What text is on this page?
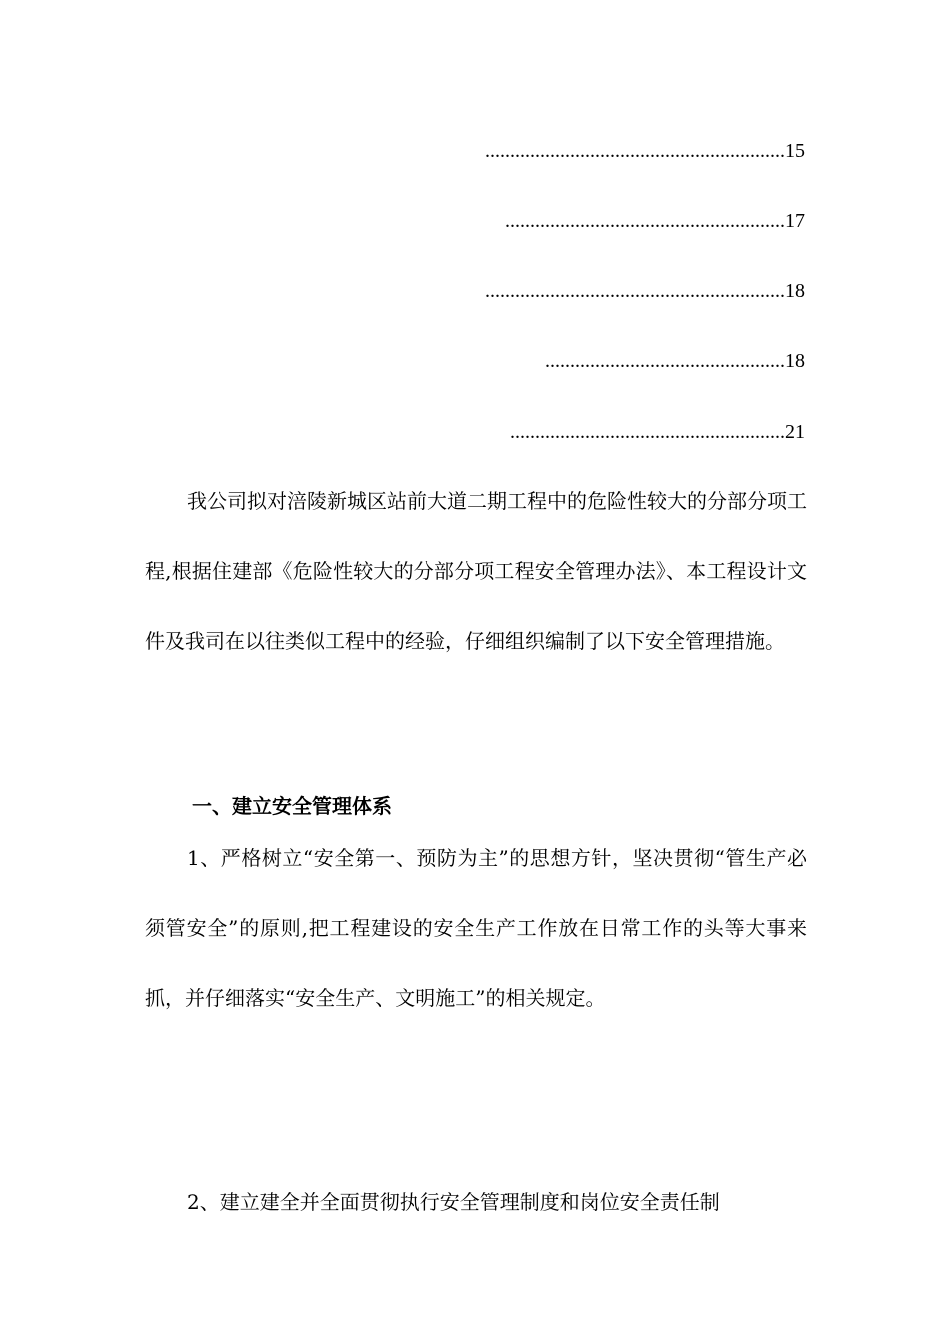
............................................................15
........................................................17
............................................................18
................................................18
.......................................................21

我公司拟对涪陵新城区站前大道二期工程中的危险性较大的分部分项工程,根据住建部《危险性较大的分部分项工程安全管理办法》、本工程设计文件及我司在以往类似工程中的经验，仔细组织编制了以下安全管理措施。

一、建立安全管理体系

1、严格树立“安全第一、预防为主”的思想方针，坚决贯彻“管生产必须管安全”的原则,把工程建设的安全生产工作放在日常工作的头等大事来抓，并仔细落实“安全生产、文明施工”的相关规定。

2、建立建全并全面贯彻执行安全管理制度和岗位安全责任制
